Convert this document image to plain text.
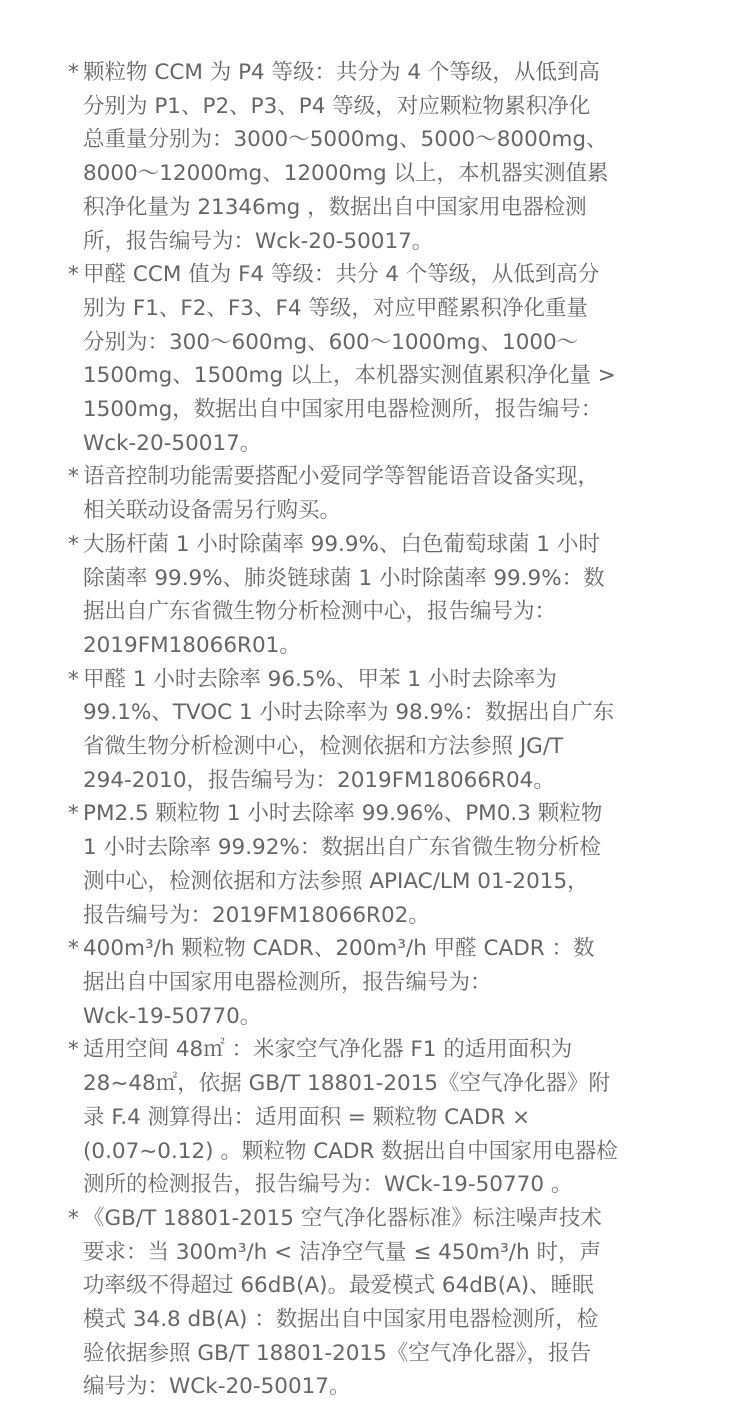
* 颗粒物 CCM 为 P4 等级：共分为 4 个等级，从低到高
分别为 P1、P2、P3、P4 等级，对应颗粒物累积净化
总重量分别为：3000～5000mg、5000～8000mg、
8000～12000mg、12000mg 以上，本机器实测值累
积净化量为 21346mg ，数据出自中国家用电器检测
所，报告编号为：Wck-20-50017。
* 甲醛 CCM 值为 F4 等级：共分 4 个等级，从低到高分
别为 F1、F2、F3、F4 等级，对应甲醛累积净化重量
分别为：300～600mg、600～1000mg、1000～
1500mg、1500mg 以上，本机器实测值累积净化量 >
1500mg，数据出自中国家用电器检测所，报告编号：
Wck-20-50017。
* 语音控制功能需要搭配小爱同学等智能语音设备实现，
相关联动设备需另行购买。
* 大肠杆菌 1 小时除菌率 99.9%、白色葡萄球菌 1 小时
除菌率 99.9%、肺炎链球菌 1 小时除菌率 99.9%：数
据出自广东省微生物分析检测中心，报告编号为：
2019FM18066R01。
* 甲醛 1 小时去除率 96.5%、甲苯 1 小时去除率为
99.1%、TVOC 1 小时去除率为 98.9%：数据出自广东
省微生物分析检测中心，检测依据和方法参照 JG/T
294-2010，报告编号为：2019FM18066R04。
* PM2.5 颗粒物 1 小时去除率 99.96%、PM0.3 颗粒物
1 小时去除率 99.92%：数据出自广东省微生物分析检
测中心，检测依据和方法参照 APIAC/LM 01-2015，
报告编号为：2019FM18066R02。
* 400m³/h 颗粒物 CADR、200m³/h 甲醛 CADR ：数
据出自中国家用电器检测所，报告编号为：
Wck-19-50770。
* 适用空间 48㎡ ：米家空气净化器 F1 的适用面积为
28~48㎡，依据 GB/T 18801-2015《空气净化器》附
录 F.4 测算得出：适用面积 = 颗粒物 CADR ×
(0.07~0.12) 。颗粒物 CADR 数据出自中国家用电器检
测所的检测报告，报告编号为：WCk-19-50770 。
* 《GB/T 18801-2015 空气净化器标准》标注噪声技术
要求：当 300m³/h < 洁净空气量 ≤ 450m³/h 时，声
功率级不得超过 66dB(A)。最爱模式 64dB(A)、睡眠
模式 34.8 dB(A) ：数据出自中国家用电器检测所，检
验依据参照 GB/T 18801-2015《空气净化器》，报告
编号为：WCk-20-50017。
